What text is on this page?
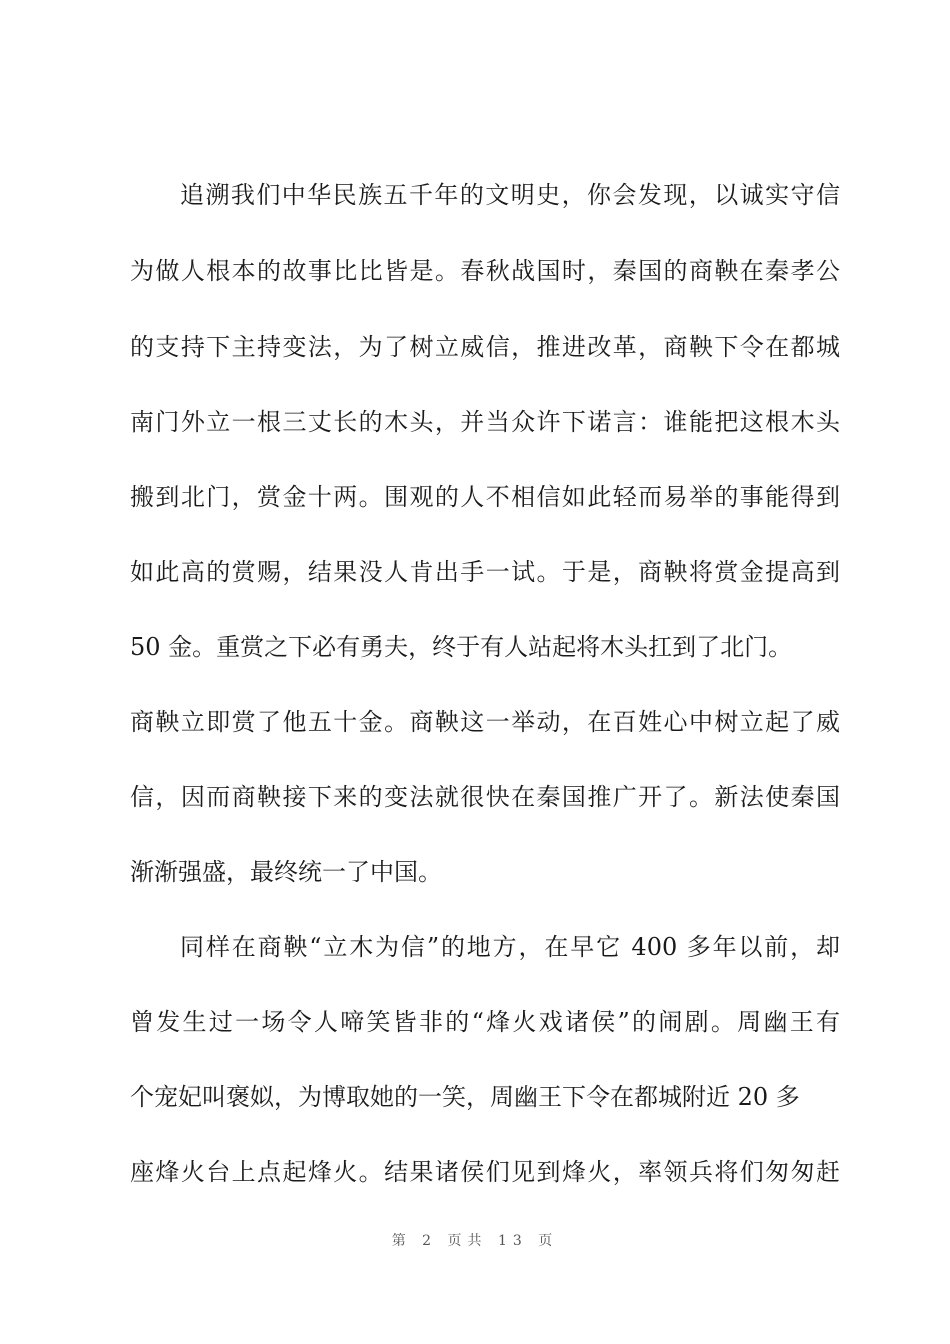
追溯我们中华民族五千年的文明史，你会发现，以诚实守信
为做人根本的故事比比皆是。春秋战国时，秦国的商鞅在秦孝公
的支持下主持变法，为了树立威信，推进改革，商鞅下令在都城
南门外立一根三丈长的木头，并当众许下诺言：谁能把这根木头
搬到北门，赏金十两。围观的人不相信如此轻而易举的事能得到
如此高的赏赐，结果没人肯出手一试。于是，商鞅将赏金提高到
50 金。重赏之下必有勇夫，终于有人站起将木头扛到了北门。
商鞅立即赏了他五十金。商鞅这一举动，在百姓心中树立起了威
信，因而商鞅接下来的变法就很快在秦国推广开了。新法使秦国
渐渐强盛，最终统一了中国。
同样在商鞅“立木为信”的地方，在早它 400 多年以前，却
曾发生过一场令人啼笑皆非的“烽火戏诸侯”的闹剧。周幽王有
个宠妃叫褒姒，为博取她的一笑，周幽王下令在都城附近 20 多
座烽火台上点起烽火。结果诸侯们见到烽火，率领兵将们匆匆赶
第 2 页共 13 页
